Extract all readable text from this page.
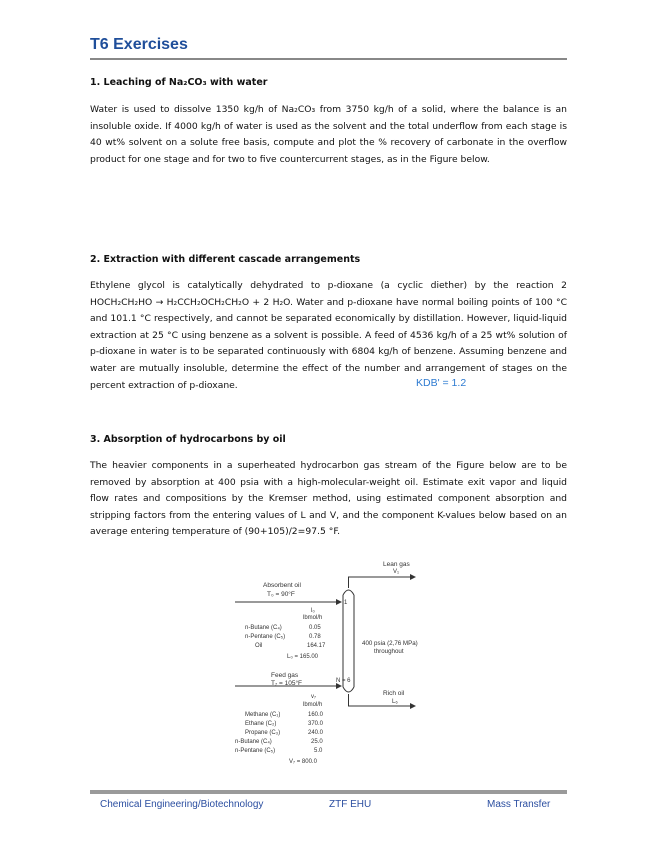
T6 Exercises
1. Leaching of Na₂CO₃ with water
Water is used to dissolve 1350 kg/h of Na₂CO₃ from 3750 kg/h of a solid, where the balance is an insoluble oxide. If 4000 kg/h of water is used as the solvent and the total underflow from each stage is 40 wt% solvent on a solute free basis, compute and plot the % recovery of carbonate in the overflow product for one stage and for two to five countercurrent stages, as in the Figure below.
2. Extraction with different cascade arrangements
Ethylene glycol is catalytically dehydrated to p-dioxane (a cyclic diether) by the reaction 2 HOCH₂CH₂HO → H₂CCH₂OCH₂CH₂O + 2 H₂O. Water and p-dioxane have normal boiling points of 100 °C and 101.1 °C respectively, and cannot be separated economically by distillation. However, liquid-liquid extraction at 25 °C using benzene as a solvent is possible. A feed of 4536 kg/h of a 25 wt% solution of p-dioxane in water is to be separated continuously with 6804 kg/h of benzene. Assuming benzene and water are mutually insoluble, determine the effect of the number and arrangement of stages on the percent extraction of p-dioxane.	KDB' = 1.2
3. Absorption of hydrocarbons by oil
The heavier components in a superheated hydrocarbon gas stream of the Figure below are to be removed by absorption at 400 psia with a high-molecular-weight oil. Estimate exit vapor and liquid flow rates and compositions by the Kremser method, using estimated component absorption and stripping factors from the entering values of L and V, and the component K-values below based on an average entering temperature of (90+105)/2=97.5 °F.
Lean gas
V₁
Absorbent oil
T₀ = 90°F
1
l₀
lbmol/h
n-Butane (C₄)	0.05
n-Pentane (C₅)	0.78
Oil	164.17
L₀ = 165.00
400 psia (2,76 MPa)
throughout
Feed gas
T₇ = 105°F	N = 6
v₇
lbmol/h
Methane (C₁)	160.0
Ethane (C₂)	370.0
Propane (C₃)	240.0
n-Butane (C₄)	25.0
n-Pentane (C₅)	5.0
V₇ = 800.0
Rich oil
L₆
Chemical Engineering/Biotechnology	ZTF EHU	Mass Transfer
